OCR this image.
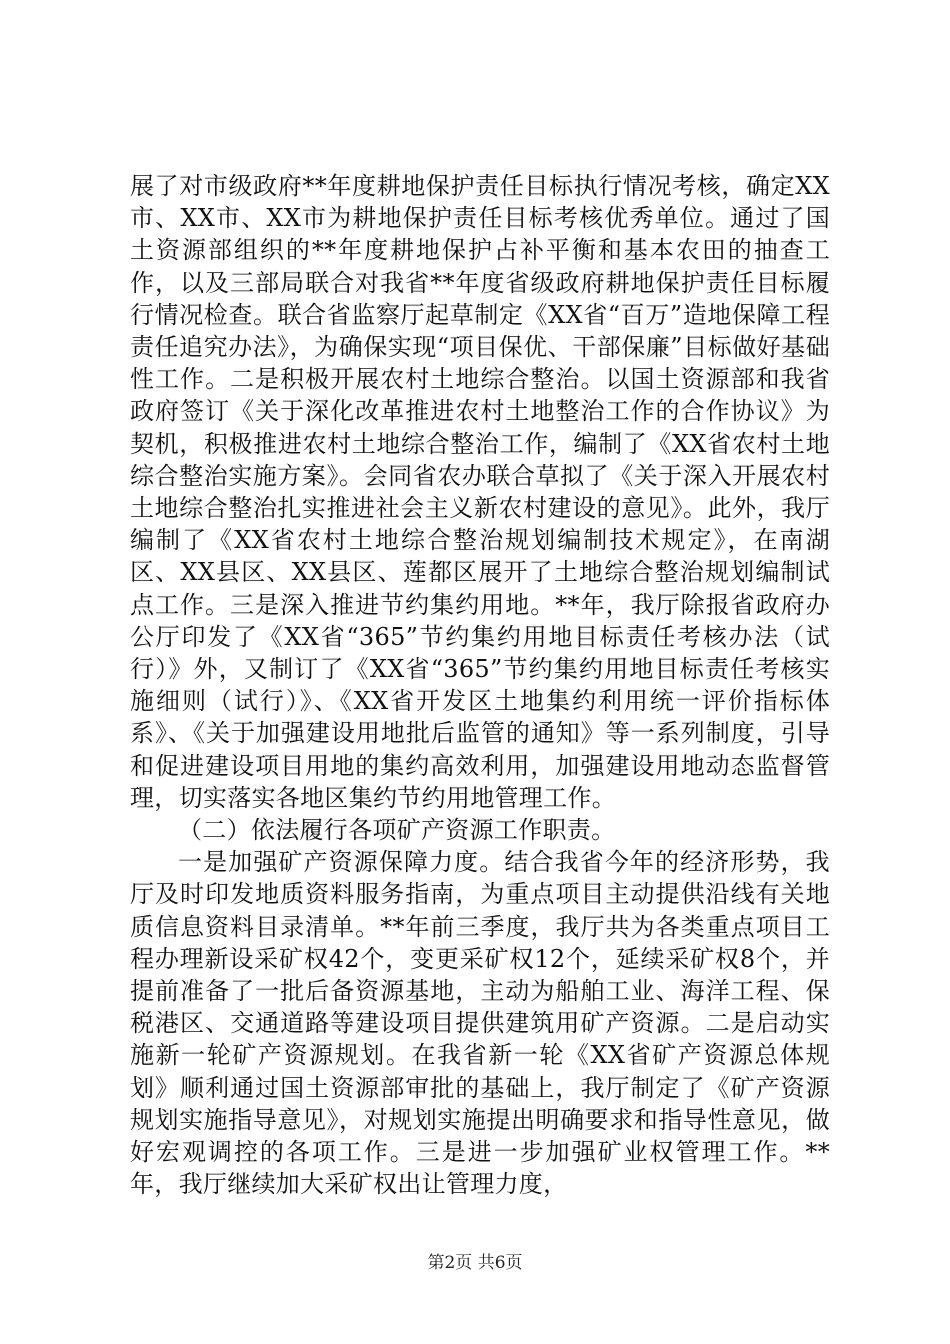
展了对市级政府**年度耕地保护责任目标执行情况考核，确定XX市、XX市、XX市为耕地保护责任目标考核优秀单位。通过了国土资源部组织的**年度耕地保护占补平衡和基本农田的抽查工作，以及三部局联合对我省**年度省级政府耕地保护责任目标履行情况检查。联合省监察厅起草制定《XX省“百万”造地保障工程责任追究办法》，为确保实现“项目保优、干部保廉”目标做好基础性工作。二是积极开展农村土地综合整治。以国土资源部和我省政府签订《关于深化改革推进农村土地整治工作的合作协议》为契机，积极推进农村土地综合整治工作，编制了《XX省农村土地综合整治实施方案》。会同省农办联合草拟了《关于深入开展农村土地综合整治扎实推进社会主义新农村建设的意见》。此外，我厅编制了《XX省农村土地综合整治规划编制技术规定》，在南湖区、XX县区、XX县区、莲都区展开了土地综合整治规划编制试点工作。三是深入推进节约集约用地。**年，我厅除报省政府办公厅印发了《XX省“365”节约集约用地目标责任考核办法（试行）》外，又制订了《XX省“365”节约集约用地目标责任考核实施细则（试行）》、《XX省开发区土地集约利用统一评价指标体系》、《关于加强建设用地批后监管的通知》等一系列制度，引导和促进建设项目用地的集约高效利用，加强建设用地动态监督管理，切实落实各地区集约节约用地管理工作。

（二）依法履行各项矿产资源工作职责。

一是加强矿产资源保障力度。结合我省今年的经济形势，我厅及时印发地质资料服务指南，为重点项目主动提供沿线有关地质信息资料目录清单。**年前三季度，我厅共为各类重点项目工程办理新设采矿权42个，变更采矿权12个，延续采矿权8个，并提前准备了一批后备资源基地，主动为船舶工业、海洋工程、保税港区、交通道路等建设项目提供建筑用矿产资源。二是启动实施新一轮矿产资源规划。在我省新一轮《XX省矿产资源总体规划》顺利通过国土资源部审批的基础上，我厅制定了《矿产资源规划实施指导意见》，对规划实施提出明确要求和指导性意见，做好宏观调控的各项工作。三是进一步加强矿业权管理工作。**年，我厅继续加大采矿权出让管理力度，

第2页 共6页
